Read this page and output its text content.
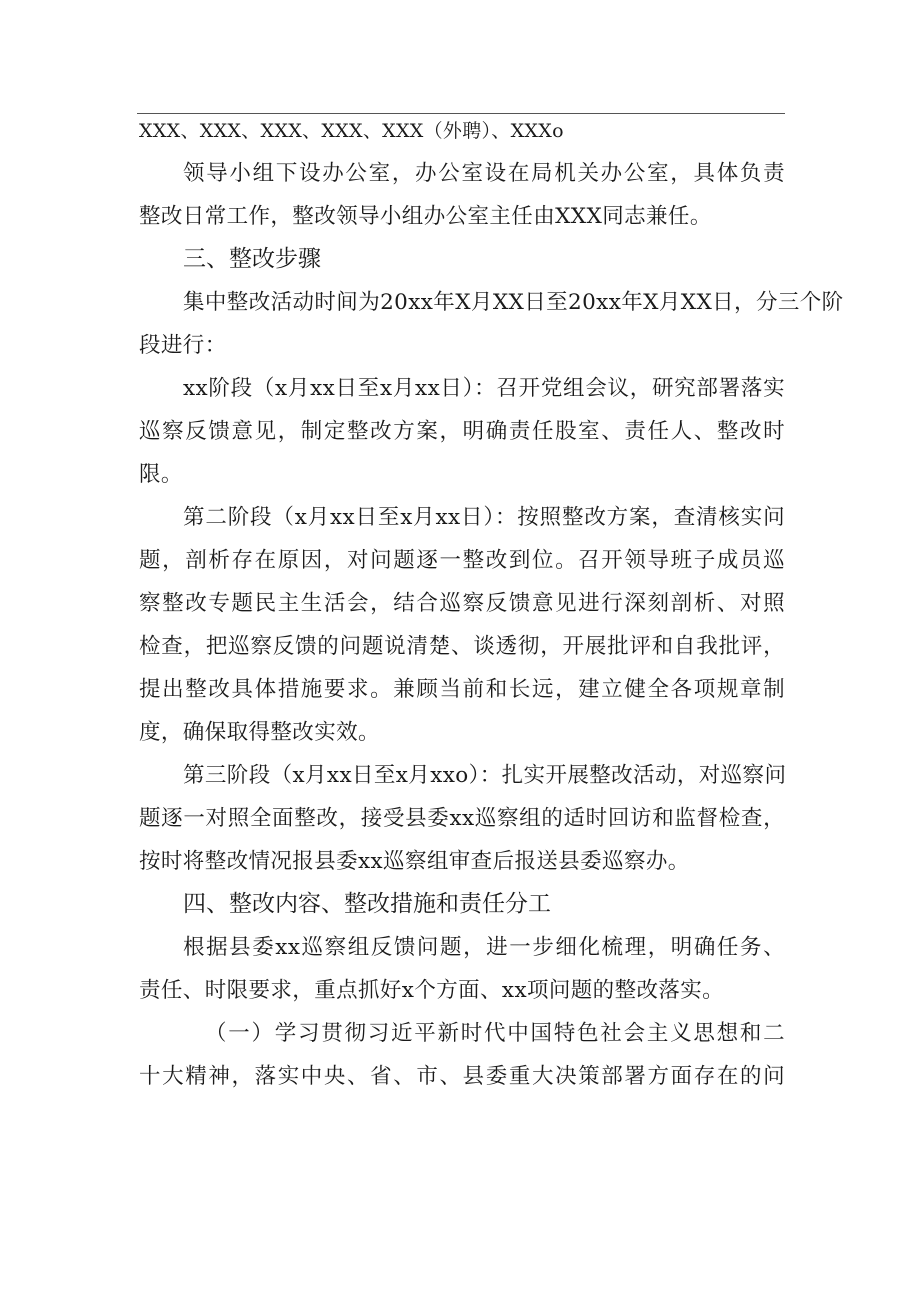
XXX、XXX、XXX、XXX、XXX（外聘）、XXXo
领导小组下设办公室，办公室设在局机关办公室，具体负责
整改日常工作，整改领导小组办公室主任由XXX同志兼任。
三、整改步骤
集中整改活动时间为20xx年X月XX日至20xx年X月XX日，分三个阶
段进行：
xx阶段（x月xx日至x月xx日）：召开党组会议，研究部署落实
巡察反馈意见，制定整改方案，明确责任股室、责任人、整改时
限。
第二阶段（x月xx日至x月xx日）：按照整改方案，查清核实问
题，剖析存在原因，对问题逐一整改到位。召开领导班子成员巡
察整改专题民主生活会，结合巡察反馈意见进行深刻剖析、对照
检查，把巡察反馈的问题说清楚、谈透彻，开展批评和自我批评，
提出整改具体措施要求。兼顾当前和长远，建立健全各项规章制
度，确保取得整改实效。
第三阶段（x月xx日至x月xxo）：扎实开展整改活动，对巡察问
题逐一对照全面整改，接受县委xx巡察组的适时回访和监督检查，
按时将整改情况报县委xx巡察组审查后报送县委巡察办。
四、整改内容、整改措施和责任分工
根据县委xx巡察组反馈问题，进一步细化梳理，明确任务、
责任、时限要求，重点抓好x个方面、xx项问题的整改落实。
（一）学习贯彻习近平新时代中国特色社会主义思想和二
十大精神，落实中央、省、市、县委重大决策部署方面存在的问
